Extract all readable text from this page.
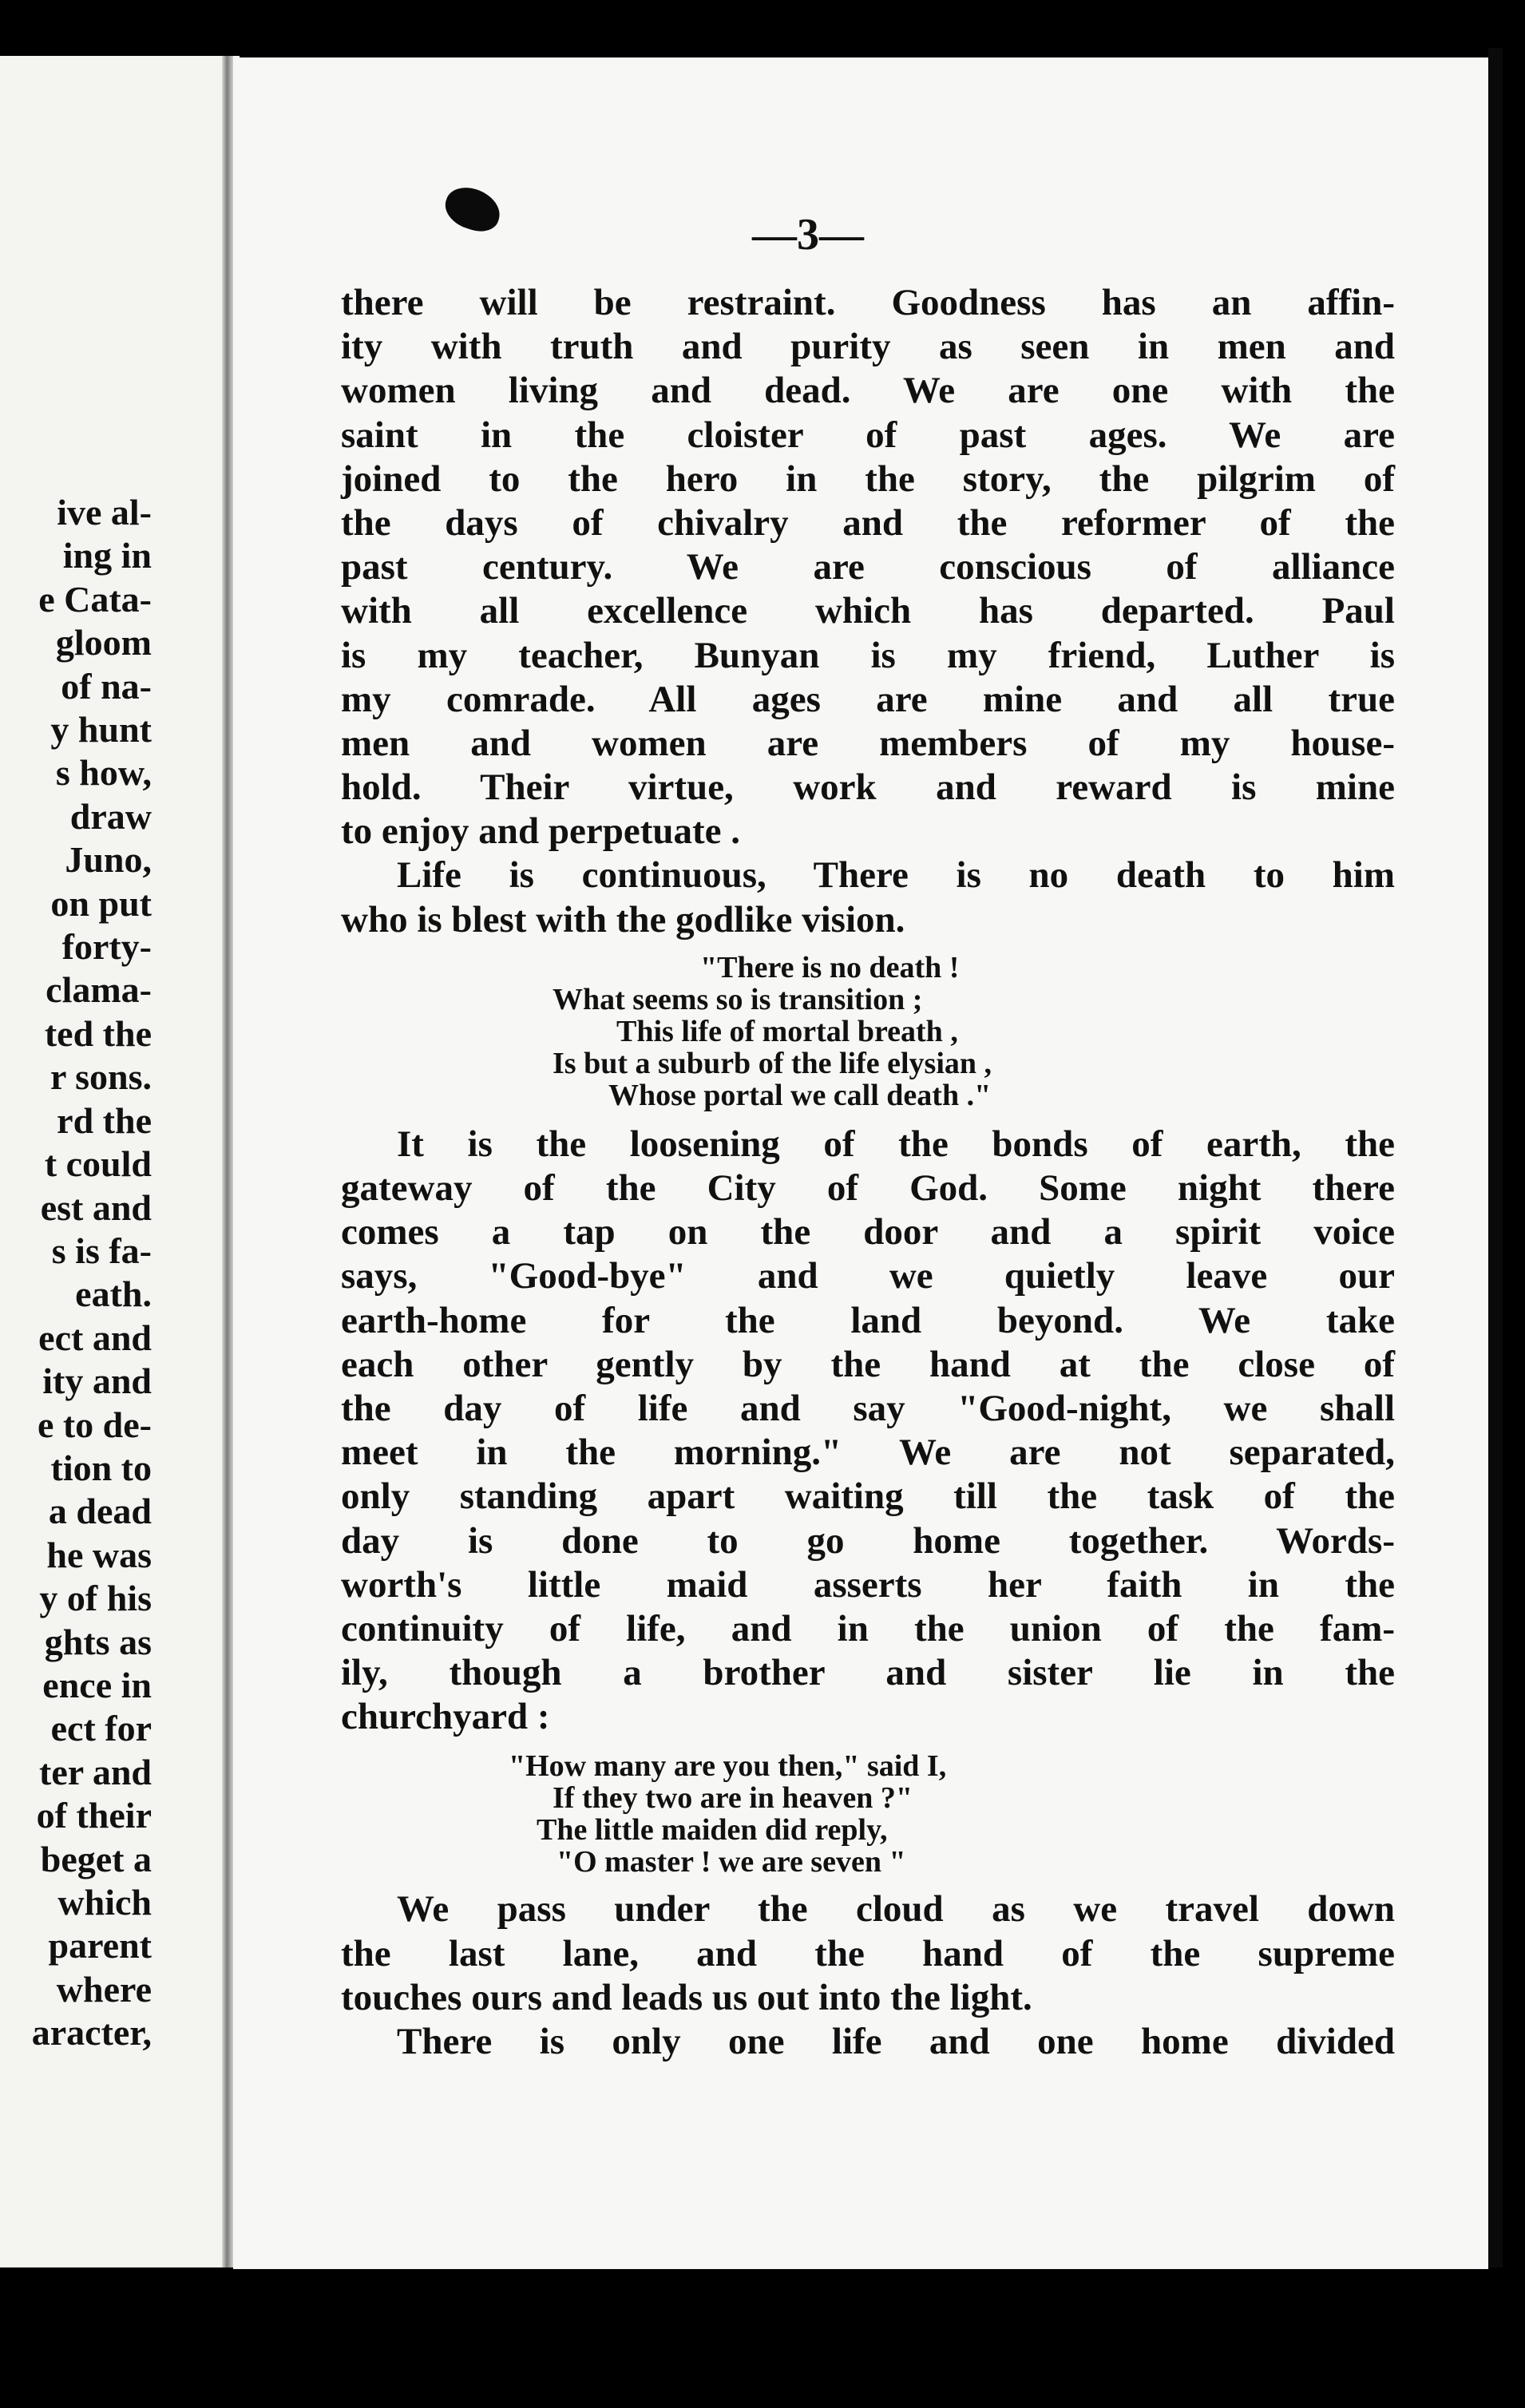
ive al-
ing in
e Cata-
gloom
of na-
y hunt
s how,
draw
Juno,
on put
forty-
clama-
ted the
r sons.
rd the
t could
est and
s is fa-
eath.
ect and
ity and
e to de-
tion to
a dead
he was
y of his
ghts as
ence in
ect for
ter and
of their
beget a
which
parent
where
aracter,
—3—
there will be restraint. Goodness has an affin-
ity with truth and purity as seen in men and
women living and dead. We are one with the
saint in the cloister of past ages. We are
joined to the hero in the story, the pilgrim of
the days of chivalry and the reformer of the
past century. We are conscious of alliance
with all excellence which has departed. Paul
is my teacher, Bunyan is my friend, Luther is
my comrade. All ages are mine and all true
men and women are members of my house-
hold. Their virtue, work and reward is mine
to enjoy and perpetuate .
Life is continuous, There is no death to him
who is blest with the godlike vision.
"There is no death !
What seems so is transition ;
This life of mortal breath ,
Is but a suburb of the life elysian ,
Whose portal we call death ."
It is the loosening of the bonds of earth, the
gateway of the City of God. Some night there
comes a tap on the door and a spirit voice
says, "Good-bye" and we quietly leave our
earth-home for the land beyond. We take
each other gently by the hand at the close of
the day of life and say "Good-night, we shall
meet in the morning." We are not separated,
only standing apart waiting till the task of the
day is done to go home together. Words-
worth's little maid asserts her faith in the
continuity of life, and in the union of the fam-
ily, though a brother and sister lie in the
churchyard :
"How many are you then," said I,
If they two are in heaven ?"
The little maiden did reply,
"O master ! we are seven "
We pass under the cloud as we travel down
the last lane, and the hand of the supreme
touches ours and leads us out into the light.
There is only one life and one home divided
